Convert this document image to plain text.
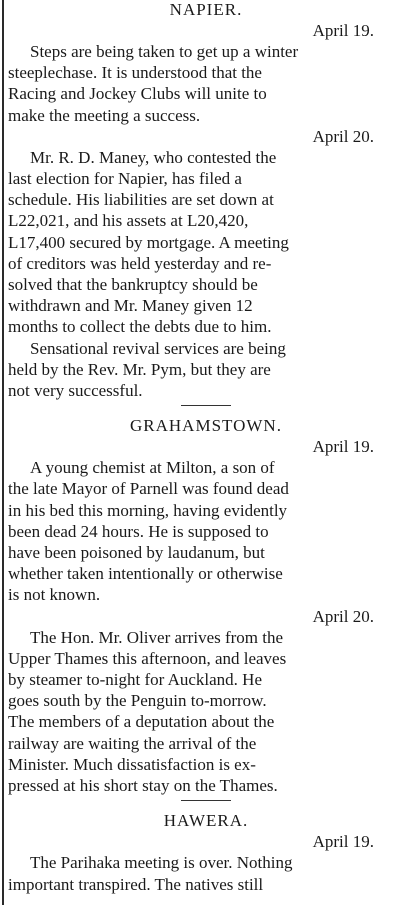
NAPIER.

April 19.

Steps are being taken to get up a winter
steeplechase. It is understood that the
Racing and Jockey Clubs will unite to
make the meeting a success.

April 20.

Mr. R. D. Maney, who contested the
last election for Napier, has filed a
schedule. His liabilities are set down at
L22,021, and his assets at L20,420,
L17,400 secured by mortgage. A meeting
of creditors was held yesterday and re-
solved that the bankruptcy should be
withdrawn and Mr. Maney given 12
months to collect the debts due to him.

Sensational revival services are being
held by the Rev. Mr. Pym, but they are
not very successful.

GRAHAMSTOWN.

April 19.

A young chemist at Milton, a son of
the late Mayor of Parnell was found dead
in his bed this morning, having evidently
been dead 24 hours. He is supposed to
have been poisoned by laudanum, but
whether taken intentionally or otherwise
is not known.

April 20.

The Hon. Mr. Oliver arrives from the
Upper Thames this afternoon, and leaves
by steamer to-night for Auckland. He
goes south by the Penguin to-morrow.
The members of a deputation about the
railway are waiting the arrival of the
Minister. Much dissatisfaction is ex-
pressed at his short stay on the Thames.

HAWERA.

April 19.

The Parihaka meeting is over. Nothing
important transpired. The natives still
